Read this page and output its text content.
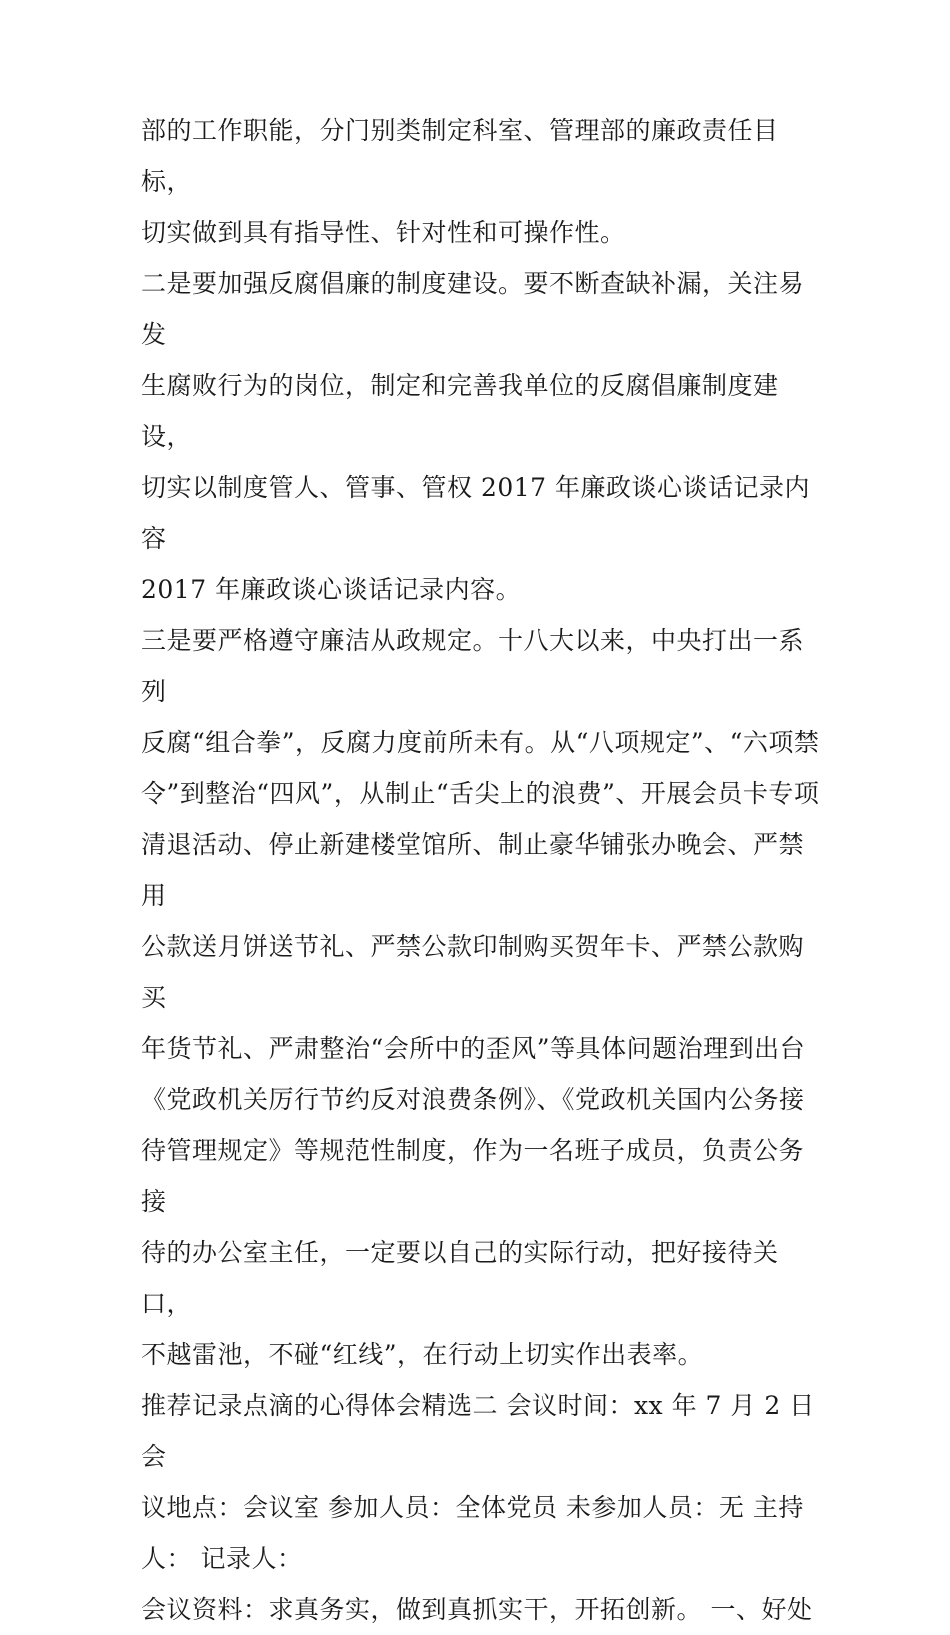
部的工作职能，分门别类制定科室、管理部的廉政责任目标，
切实做到具有指导性、针对性和可操作性。
二是要加强反腐倡廉的制度建设。要不断查缺补漏，关注易发
生腐败行为的岗位，制定和完善我单位的反腐倡廉制度建设，
切实以制度管人、管事、管权 2017 年廉政谈心谈话记录内容
2017 年廉政谈心谈话记录内容。
三是要严格遵守廉洁从政规定。十八大以来，中央打出一系列
反腐“组合拳”，反腐力度前所未有。从“八项规定”、“六项禁
令”到整治“四风”，从制止“舌尖上的浪费”、开展会员卡专项
清退活动、停止新建楼堂馆所、制止豪华铺张办晚会、严禁用
公款送月饼送节礼、严禁公款印制购买贺年卡、严禁公款购买
年货节礼、严肃整治“会所中的歪风”等具体问题治理到出台
《党政机关厉行节约反对浪费条例》、《党政机关国内公务接
待管理规定》等规范性制度，作为一名班子成员，负责公务接
待的办公室主任，一定要以自己的实际行动，把好接待关口，
不越雷池，不碰“红线”，在行动上切实作出表率。
推荐记录点滴的心得体会精选二 会议时间：xx 年 7 月 2 日 会
议地点：会议室 参加人员：全体党员 未参加人员：无 主持
人： 记录人：
会议资料：求真务实，做到真抓实干，开拓创新。 一、好处
